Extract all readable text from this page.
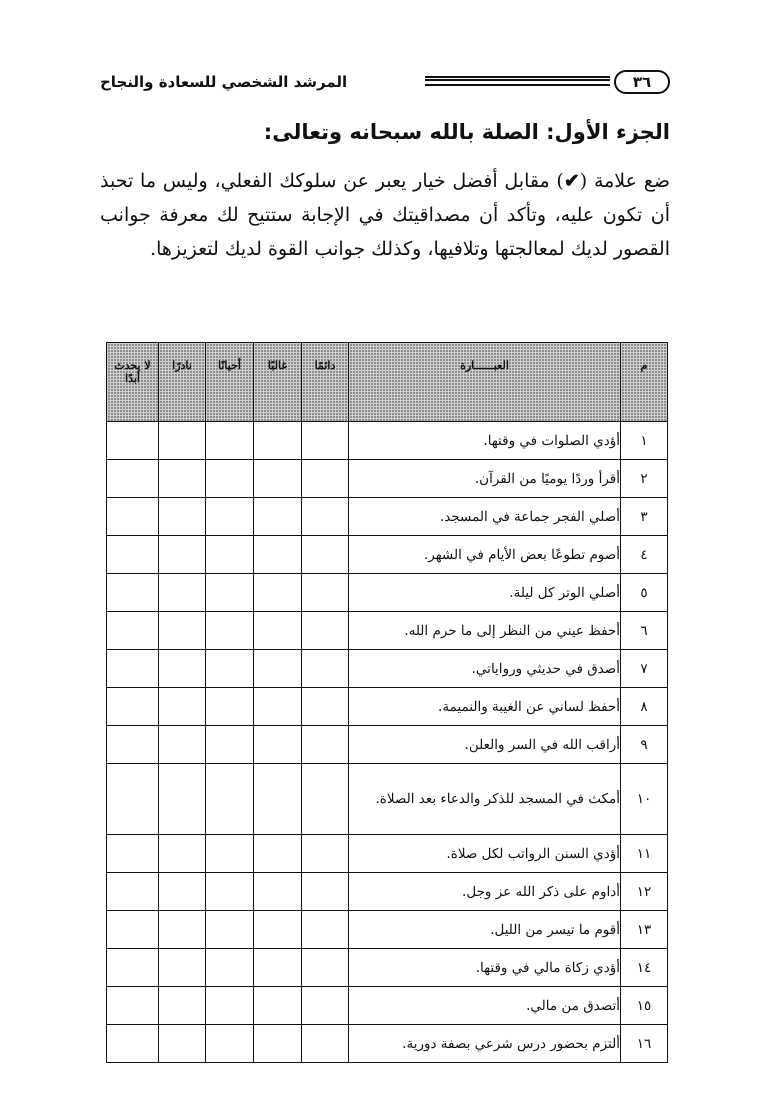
٣٦
المرشد الشخصي للسعادة والنجاح
الجزء الأول: الصلة بالله سبحانه وتعالى:

ضع علامة (✔) مقابل أفضل خيار يعبر عن سلوكك الفعلي، وليس ما تحبذ أن تكون عليه، وتأكد أن مصداقيتك في الإجابة ستتيح لك معرفة جوانب القصور لديك لمعالجتها وتلافيها، وكذلك جوانب القوة لديك لتعزيزها.

م	العبــــــارة	دائمًا	غالبًا	أحيانًا	نادرًا	لا يحدث أبدًا
١	أؤدي الصلوات في وقتها.					
٢	أقرأ وردًا يوميًا من القرآن.					
٣	أصلي الفجر جماعة في المسجد.					
٤	أصوم تطوعًا بعض الأيام في الشهر.					
٥	أصلي الوتر كل ليلة.					
٦	أحفظ عيني من النظر إلى ما حرم الله.					
٧	أصدق في حديثي ورواياتي.					
٨	أحفظ لساني عن الغيبة والنميمة.					
٩	أراقب الله في السر والعلن.					
١٠	أمكث في المسجد للذكر والدعاء بعد الصلاة.					
١١	أؤدي السنن الرواتب لكل صلاة.					
١٢	أداوم على ذكر الله عز وجل.					
١٣	أقوم ما تيسر من الليل.					
١٤	أؤدي زكاة مالي في وقتها.					
١٥	أتصدق من مالي.					
١٦	ألتزم بحضور درس شرعي بصفة دورية.					
